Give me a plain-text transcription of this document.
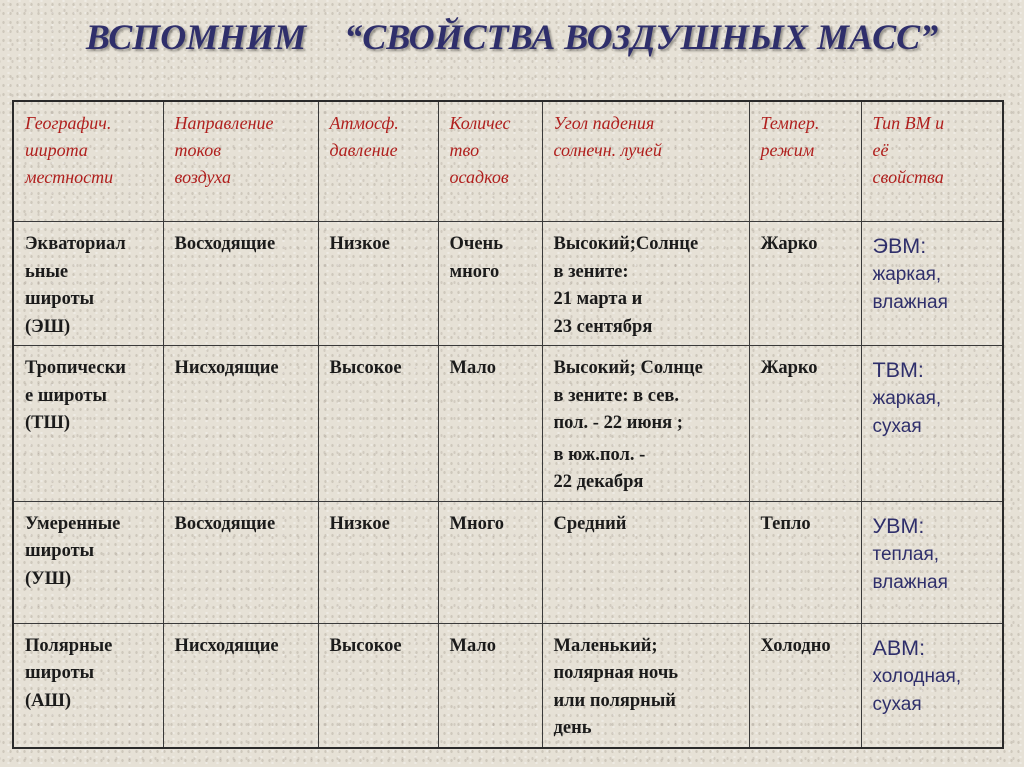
ВСПОМНИМ “СВОЙСТВА ВОЗДУШНЫХ МАСС”
Географич.
широта
местности	Направление
токов
воздуха	Атмосф.
давление	Количес
тво
осадков	Угол падения
солнечн. лучей	Темпер.
режим	Тип ВМ и
её
свойства

Экваториал
ьные
широты
(ЭШ)	Восходящие	Низкое	Очень
много	Высокий;Солнце
в зените:
21 марта и
23 сентября	Жарко	ЭВМ:
жаркая,
влажная

Тропически
е широты
(ТШ)	Нисходящие	Высокое	Мало	Высокий; Солнце
в зените: в сев.
пол. - 22 июня ;
в юж.пол. -
22 декабря	Жарко	ТВМ:
жаркая,
сухая

Умеренные
широты
(УШ)	Восходящие	Низкое	Много	Средний	Тепло	УВМ:
теплая,
влажная

Полярные
широты
(АШ)	Нисходящие	Высокое	Мало	Маленький;
полярная ночь
или полярный
день	Холодно	АВМ:
холодная,
сухая
